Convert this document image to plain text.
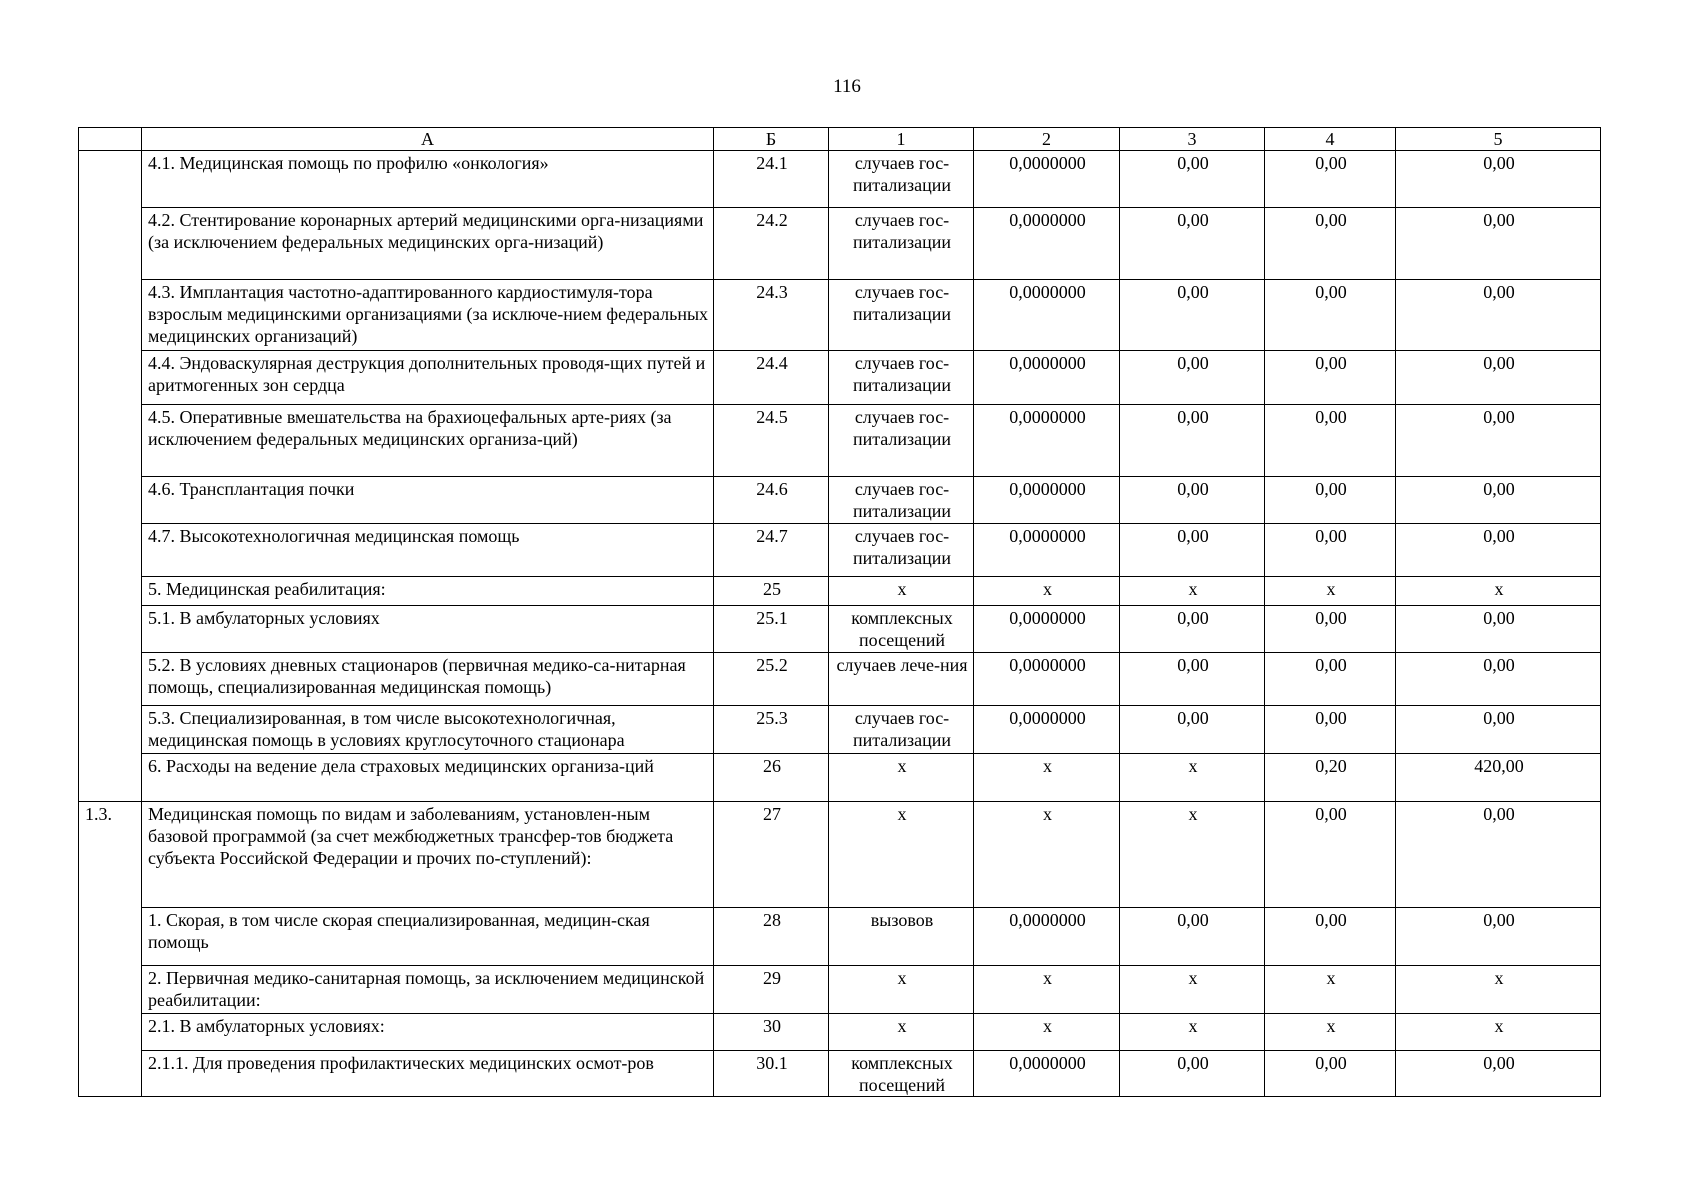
116
	А	Б	1	2	3	4	5
	4.1. Медицинская помощь по профилю «онкология»	24.1	случаев гос-питализации	0,0000000	0,00	0,00	0,00
	4.2. Стентирование коронарных артерий медицинскими орга-низациями (за исключением федеральных медицинских орга-низаций)	24.2	случаев гос-питализации	0,0000000	0,00	0,00	0,00
	4.3. Имплантация частотно-адаптированного кардиостимуля-тора взрослым медицинскими организациями (за исключе-нием федеральных медицинских организаций)	24.3	случаев гос-питализации	0,0000000	0,00	0,00	0,00
	4.4. Эндоваскулярная деструкция дополнительных проводя-щих путей и аритмогенных зон сердца	24.4	случаев гос-питализации	0,0000000	0,00	0,00	0,00
	4.5. Оперативные вмешательства на брахиоцефальных арте-риях (за исключением федеральных медицинских организа-ций)	24.5	случаев гос-питализации	0,0000000	0,00	0,00	0,00
	4.6. Трансплантация почки	24.6	случаев гос-питализации	0,0000000	0,00	0,00	0,00
	4.7. Высокотехнологичная медицинская помощь	24.7	случаев гос-питализации	0,0000000	0,00	0,00	0,00
	5. Медицинская реабилитация:	25	х	х	х	х	х
	5.1. В амбулаторных условиях	25.1	комплексных посещений	0,0000000	0,00	0,00	0,00
	5.2. В условиях дневных стационаров (первичная медико-са-нитарная помощь, специализированная медицинская помощь)	25.2	случаев лече-ния	0,0000000	0,00	0,00	0,00
	5.3. Специализированная, в том числе высокотехнологичная, медицинская помощь в условиях круглосуточного стационара	25.3	случаев гос-питализации	0,0000000	0,00	0,00	0,00
	6. Расходы на ведение дела страховых медицинских организа-ций	26	х	х	х	0,20	420,00
1.3.	Медицинская помощь по видам и заболеваниям, установлен-ным базовой программой (за счет межбюджетных трансфер-тов бюджета субъекта Российской Федерации и прочих по-ступлений):	27	х	х	х	0,00	0,00
	1. Скорая, в том числе скорая специализированная, медицин-ская помощь	28	вызовов	0,0000000	0,00	0,00	0,00
	2. Первичная медико-санитарная помощь, за исключением медицинской реабилитации:	29	х	х	х	х	х
	2.1. В амбулаторных условиях:	30	х	х	х	х	х
	2.1.1. Для проведения профилактических медицинских осмот-ров	30.1	комплексных посещений	0,0000000	0,00	0,00	0,00
